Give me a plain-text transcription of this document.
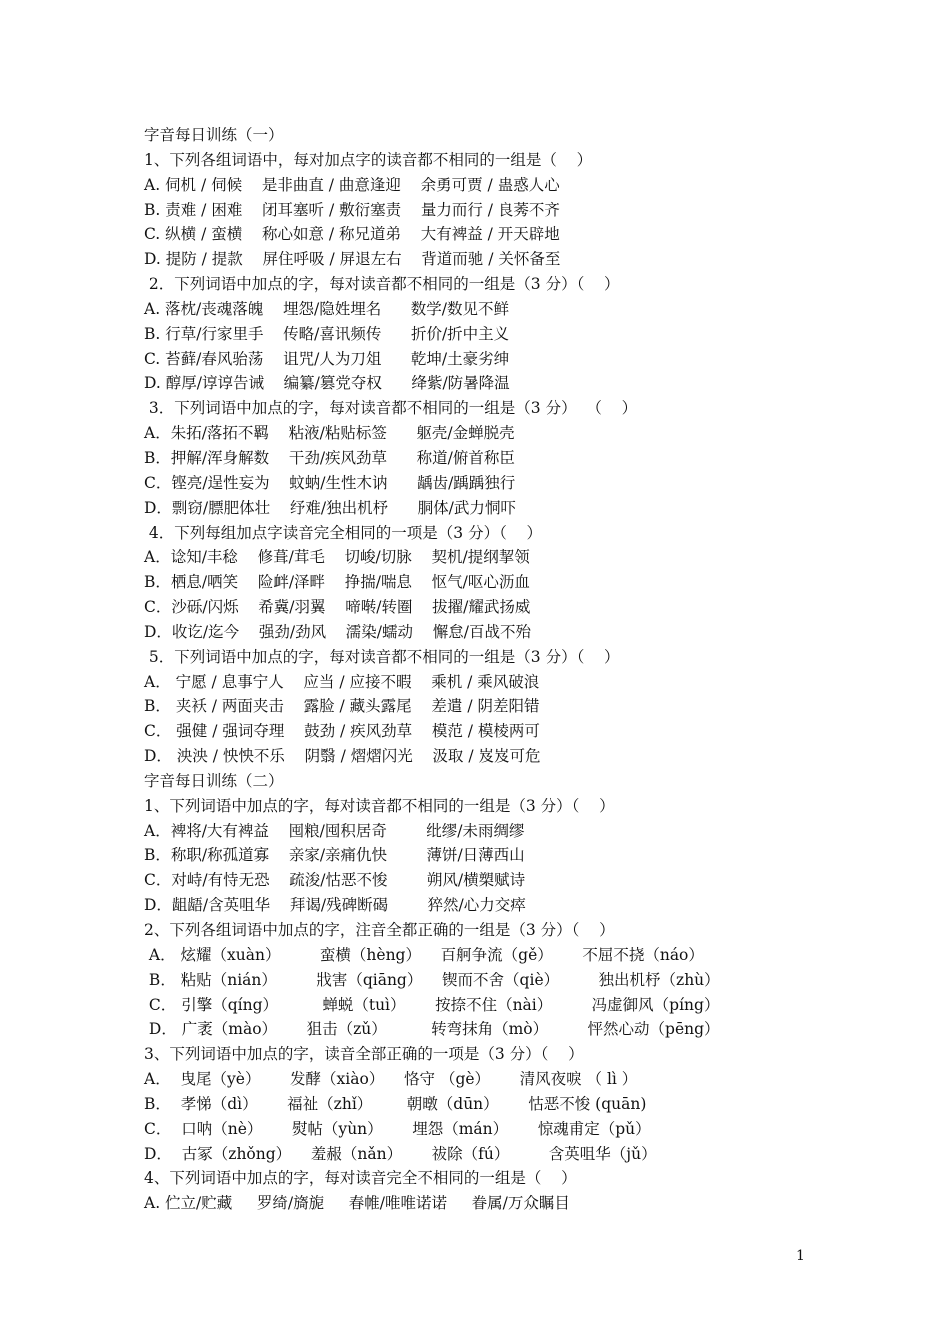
字音每日训练（一）
1、下列各组词语中，每对加点字的读音都不相同的一组是（    ）
A. 伺机 / 伺候    是非曲直 / 曲意逢迎    余勇可贾 / 蛊惑人心
B. 责难 / 困难    闭耳塞听 / 敷衍塞责    量力而行 / 良莠不齐
C. 纵横 / 蛮横    称心如意 / 称兄道弟    大有裨益 / 开天辟地
D. 提防 / 提款    屏住呼吸 / 屏退左右    背道而驰 / 关怀备至
2．下列词语中加点的字，每对读音都不相同的一组是（3 分）（    ）
A. 落枕/丧魂落魄    埋怨/隐姓埋名      数学/数见不鲜
B. 行草/行家里手    传略/喜讯频传      折价/折中主义
C. 苔藓/春风骀荡    诅咒/人为刀俎      乾坤/土豪劣绅
D. 醇厚/谆谆告诫    编纂/篡党夺权      绛紫/防暑降温
3．下列词语中加点的字，每对读音都不相同的一组是（3 分）  （    ）
A．朱拓/落拓不羁    粘液/粘贴标签      躯壳/金蝉脱壳
B．押解/浑身解数    干劲/疾风劲草      称道/俯首称臣
C．铿亮/逞性妄为    蚊蚋/生性木讷      龋齿/踽踽独行
D．剽窃/膘肥体壮    纾难/独出机杼      胴体/武力恫吓
4．下列每组加点字读音完全相同的一项是（3 分）（    ）
A．谂知/丰稔    修葺/茸毛    切峻/切脉    契机/提纲挈领
B．栖息/哂笑    险衅/泽畔    挣揣/喘息    怄气/呕心沥血
C．沙砾/闪烁    希冀/羽翼    啼啭/转圈    拔擢/耀武扬威
D．收讫/迄今    强劲/劲风    濡染/蠕动    懈怠/百战不殆
5．下列词语中加点的字，每对读音都不相同的一组是（3 分）（    ）
A． 宁愿 / 息事宁人    应当 / 应接不暇    乘机 / 乘风破浪
B． 夹袄 / 两面夹击    露脸 / 藏头露尾    差遣 / 阴差阳错
C． 强健 / 强词夺理    鼓劲 / 疾风劲草    模范 / 模棱两可
D． 泱泱 / 怏怏不乐    阴翳 / 熠熠闪光    汲取 / 岌岌可危
字音每日训练（二）
1、下列词语中加点的字，每对读音都不相同的一组是（3 分）（    ）
A．裨将/大有裨益    囤粮/囤积居奇        纰缪/未雨绸缪
B．称职/称孤道寡    亲家/亲痛仇快        薄饼/日薄西山
C．对峙/有恃无恐    疏浚/怙恶不悛        朔风/横槊赋诗
D．龃龉/含英咀华    拜谒/残碑断碣        猝然/心力交瘁
2、下列各组词语中加点的字，注音全都正确的一组是（3 分）（    ）
A． 炫耀（xuàn）        蛮横（hèng）    百舸争流（gě）      不屈不挠（náo）
B． 粘贴（nián）        戕害（qiāng）    锲而不舍（qiè）        独出机杼（zhù）
C． 引擎（qíng）         蝉蜕（tuì）      按捺不住（nài）        冯虚御风（píng）
D． 广袤（mào）      狙击（zǔ）         转弯抹角（mò）        怦然心动（pēng）
3、下列词语中加点的字，读音全部正确的一项是（3 分）（    ）
A．  曳尾（yè）      发酵（xiào）    恪守 （gè）      清风夜唳 （ lì ）
B．  孝悌（dì）      福祉（zhǐ）       朝暾（dūn）      怙恶不悛 (quān)
C．  口呐（nè）      熨帖（yùn）      埋怨（mán）      惊魂甫定（pǔ）
D．  古冢（zhǒng）    羞赧（nǎn）      祓除（fú）        含英咀华（jǔ）
4、下列词语中加点的字，每对读音完全不相同的一组是（    ）
A. 伫立/贮藏     罗绮/旖旎     春帷/唯唯诺诺     眷属/万众瞩目
1
